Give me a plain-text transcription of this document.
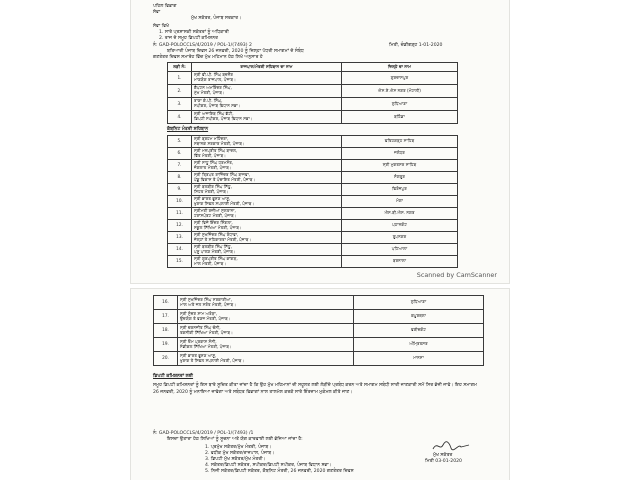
ਪਹਿਲ ਵਿਭਾਗ
ਸੇਵਾ
ਮੁੱਖ ਸਕੱਤਰ, ਪੰਜਾਬ ਸਰਕਾਰ।
ਸੇਵਾ ਵਿਖੇ
1. ਸਾਰੇ ਪ੍ਰਸ਼ਾਸਕੀ ਸਕੱਤਰਾਂ ਨੂੰ ਅਧਿਕਾਰੀ
2. ਰਾਜ ਦੇ ਸਮੂਹ ਡਿਪਟੀ ਕਮਿਸ਼ਨਰ
ਨੰ: GAD-POLOCCLS/4/2019 / POL-1/(7493) 2	ਮਿਤੀ, ਚੰਡੀਗੜ੍ਹ 1-01-2020
ਬਤਿਆਰੀ ਪੰਜਾਬ ਦਿਵਸ 26 ਜਨਵਰੀ, 2020 ਨੂੰ ਜ਼ਿਲ੍ਹਾ ਪੱਧਰੀ ਸਮਾਗਮਾਂ ਦੇ ਸੰਬੰਧ
ਗਣਤੰਤਰ ਦਿਵਸ ਸਮਾਰੋਹ ਵਿੱਚ ਮੁੱਖ ਮਹਿਮਾਨ ਹੇਠ ਲਿਖੇ ਅਨੁਸਾਰ ਹੋ
ਲੜੀ ਨੰ:	ਰਾਜਪਾਲ/ਮੰਤਰੀ ਸਹਿਬਾਨ ਦਾ ਨਾਮ	ਜ਼ਿਲ੍ਹੇ ਦਾ ਨਾਮ
1.	ਸ਼੍ਰੀ ਵੀ.ਪੀ. ਸਿੰਘ ਬਦਨੌਰ
ਮਾਣਯੋਗ ਰਾਜਪਾਲ, ਪੰਜਾਬ।	ਗੁਰਦਾਸਪੁਰ
2.	ਕੈਪਟਨ ਅਮਰਿੰਦਰ ਸਿੰਘ,
ਮੁੱਖ ਮੰਤਰੀ, ਪੰਜਾਬ।	ਐਸ.ਏ.ਐਸ ਨਗਰ (ਮੋਹਾਲੀ)
3.	ਰਾਣਾ ਕੇ.ਪੀ. ਸਿੰਘ,
ਸਪੀਕਰ, ਪੰਜਾਬ ਵਿਧਾਨ ਸਭਾ।	ਲੁਧਿਆਣਾ
4.	ਸ਼੍ਰੀ ਅਜਾਇਬ ਸਿੰਘ ਭੱਟੀ,
ਡਿਪਟੀ ਸਪੀਕਰ, ਪੰਜਾਬ ਵਿਧਾਨ ਸਭਾ।	ਬਠਿੰਡਾ
ਕੈਬਨਿਟ ਮੰਤਰੀ ਸਹਿਬਾਨ
5.	ਸ਼੍ਰੀ ਬ੍ਰਹਮ ਮਹਿੰਦਰਾ,
ਸਥਾਨਕ ਸਰਕਾਰ ਮੰਤਰੀ, ਪੰਜਾਬ।	ਫਤਿਹਗੜ੍ਹ ਸਾਹਿਬ
6.	ਸ੍ਰੀ ਮਨਪ੍ਰੀਤ ਸਿੰਘ ਬਾਦਲ,
ਵਿੱਤ ਮੰਤਰੀ, ਪੰਜਾਬ।	ਜਲੰਧਰ
7.	ਸ੍ਰੀ ਸਾਧੂ ਸਿੰਘ ਧਰਮਸੋਤ,
ਜੰਗਲਾਤ ਮੰਤਰੀ, ਪੰਜਾਬ।	ਸ੍ਰੀ ਮੁਕਤਸਰ ਸਾਹਿਬ
8.	ਸ੍ਰੀ ਤ੍ਰਿਪਤ ਰਾਜਿੰਦਰ ਸਿੰਘ ਬਾਜਵਾ,
ਪੇਂਡੂ ਵਿਕਾਸ ਤੇ ਪੰਚਾਇਤ ਮੰਤਰੀ, ਪੰਜਾਬ।	ਸੰਗਰੂਰ
9.	ਸ੍ਰੀ ਬਲਬੀਰ ਸਿੰਘ ਸਿੱਧੂ,
ਸਿਹਤ ਮੰਤਰੀ, ਪੰਜਾਬ।	ਫਿਰੋਜ਼ਪੁਰ
10.	ਸ੍ਰੀ ਭਾਰਤ ਭੂਸ਼ਣ ਆਸ਼ੂ,
ਖੁਰਾਕ ਸਿਵਲ ਸਪਲਾਈ ਮੰਤਰੀ, ਪੰਜਾਬ।	ਮੋਗਾ
11.	ਸ੍ਰੀਮਤੀ ਰਜ਼ੀਆ ਸੁਲਤਾਨਾ,
ਟਰਾਂਸਪੋਰਟ ਮੰਤਰੀ, ਪੰਜਾਬ।	ਐਸ.ਬੀ.ਐਸ. ਨਗਰ
12.	ਸ੍ਰੀ ਵਿਜੇ ਇੰਦਰ ਸਿੰਗਲਾ,
ਸਕੂਲ ਸਿੱਖਿਆ ਮੰਤਰੀ, ਪੰਜਾਬ।	ਪਠਾਨਕੋਟ
13.	ਸ੍ਰੀ ਸੁਖਜਿੰਦਰ ਸਿੰਘ ਰੰਧਾਵਾ,
ਜੇਲ੍ਹਾਂ ਤੇ ਸਹਿਕਾਰਤਾ ਮੰਤਰੀ, ਪੰਜਾਬ।	ਰੂਪਨਗਰ
14.	ਸ੍ਰੀ ਬਲਬੀਰ ਸਿੰਘ ਸਿੱਧੂ,
ਪਸ਼ੂ ਪਾਲਣ ਮੰਤਰੀ, ਪੰਜਾਬ।	ਪਟਿਆਲਾ
15.	ਸ੍ਰੀ ਗੁਰਪ੍ਰੀਤ ਸਿੰਘ ਕਾਂਗੜ,
ਮਾਲ ਮੰਤਰੀ, ਪੰਜਾਬ।	ਬਰਨਾਲਾ
Scanned by CamScanner
16.	ਸ੍ਰੀ ਸੁਖਜਿੰਦਰ ਸਿੰਘ ਸਰਕਾਰੀਆ,
ਮਾਲ ਅਤੇ ਜਲ ਸਰੋਤ ਮੰਤਰੀ, ਪੰਜਾਬ।	ਲੁਧਿਆਣਾ
17.	ਸ੍ਰੀ ਸੁੰਦਰ ਸ਼ਾਮ ਅਰੋੜਾ,
ਉਦਯੋਗ ਤੇ ਵਣਜ ਮੰਤਰੀ, ਪੰਜਾਬ।	ਕਪੂਰਥਲਾ
18.	ਸ੍ਰੀ ਚਰਨਜੀਤ ਸਿੰਘ ਚੰਨੀ,
ਤਕਨੀਕੀ ਸਿੱਖਿਆ ਮੰਤਰੀ, ਪੰਜਾਬ।	ਫਰੀਦਕੋਟ
19.	ਸ੍ਰੀ ਓਮ ਪ੍ਰਕਾਸ਼ ਸੋਨੀ,
ਮੈਡੀਕਲ ਸਿੱਖਿਆ ਮੰਤਰੀ, ਪੰਜਾਬ।	ਅੰਮ੍ਰਿਤਸਰ
20.	ਸ੍ਰੀ ਭਾਰਤ ਭੂਸ਼ਣ ਆਸ਼ੂ,
ਖੁਰਾਕ ਤੇ ਸਿਵਲ ਸਪਲਾਈ ਮੰਤਰੀ, ਪੰਜਾਬ।	ਮਾਨਸਾ
ਡਿਪਟੀ ਕਮਿਸ਼ਨਰਾਂ ਲਈ
ਸਮੂਹ ਡਿਪਟੀ ਕਮਿਸ਼ਨਰਾਂ ਨੂੰ ਇਸ ਬਾਰੇ ਸੂਚਿਤ ਕੀਤਾ ਜਾਂਦਾ ਹੈ ਕਿ ਉਹ ਮੁੱਖ ਮਹਿਮਾਨਾਂ ਦੀ ਸਹੂਲਤ ਲਈ ਲੋੜੀਂਦੇ ਪ੍ਰਬੰਧ ਕਰਨ ਅਤੇ ਸਮਾਗਮ ਸਬੰਧੀ ਸਾਰੀ ਜਾਣਕਾਰੀ ਸਮੇਂ ਸਿਰ ਭੇਜੀ ਜਾਵੇ। ਇਹ ਸਮਾਗਮ 26 ਜਨਵਰੀ, 2020 ਨੂੰ ਮਨਾਇਆ ਜਾਵੇਗਾ ਅਤੇ ਸਬੰਧਤ ਵਿਭਾਗਾਂ ਨਾਲ ਤਾਲਮੇਲ ਕਰਕੇ ਸਾਰੇ ਇੰਤਜ਼ਾਮ ਮੁਕੰਮਲ ਕੀਤੇ ਜਾਣ।
ਮੁੱਖ ਸਕੱਤਰ
ਮਿਤੀ 03-01-2020
ਨੰ: GAD-POLOCCLS/4/2019 / POL-1/(7493) /1
ਇਸਦਾ ਉਤਾਰਾ ਹੇਠ ਲਿਖਿਆਂ ਨੂੰ ਸੂਚਨਾ ਅਤੇ ਯੋਗ ਕਾਰਵਾਈ ਲਈ ਭੇਜਿਆ ਜਾਂਦਾ ਹੈ:
1. ਪ੍ਰਮੁੱਖ ਸਕੱਤਰ/ਮੁੱਖ ਮੰਤਰੀ, ਪੰਜਾਬ।
2. ਵਧੀਕ ਮੁੱਖ ਸਕੱਤਰ/ਰਾਜਪਾਲ, ਪੰਜਾਬ।
3. ਡਿਪਟੀ ਮੁੱਖ ਸਕੱਤਰ/ਮੁੱਖ ਮੰਤਰੀ।
4. ਸਕੱਤਰ/ਡਿਪਟੀ ਸਕੱਤਰ, ਸਪੀਕਰ/ਡਿਪਟੀ ਸਪੀਕਰ, ਪੰਜਾਬ ਵਿਧਾਨ ਸਭਾ।
5. ਨਿਜੀ ਸਕੱਤਰ/ਡਿਪਟੀ ਸਕੱਤਰ, ਕੈਬਨਿਟ ਮੰਤਰੀ, 26 ਜਨਵਰੀ, 2020 ਗਣਤੰਤਰ ਦਿਵਸ
